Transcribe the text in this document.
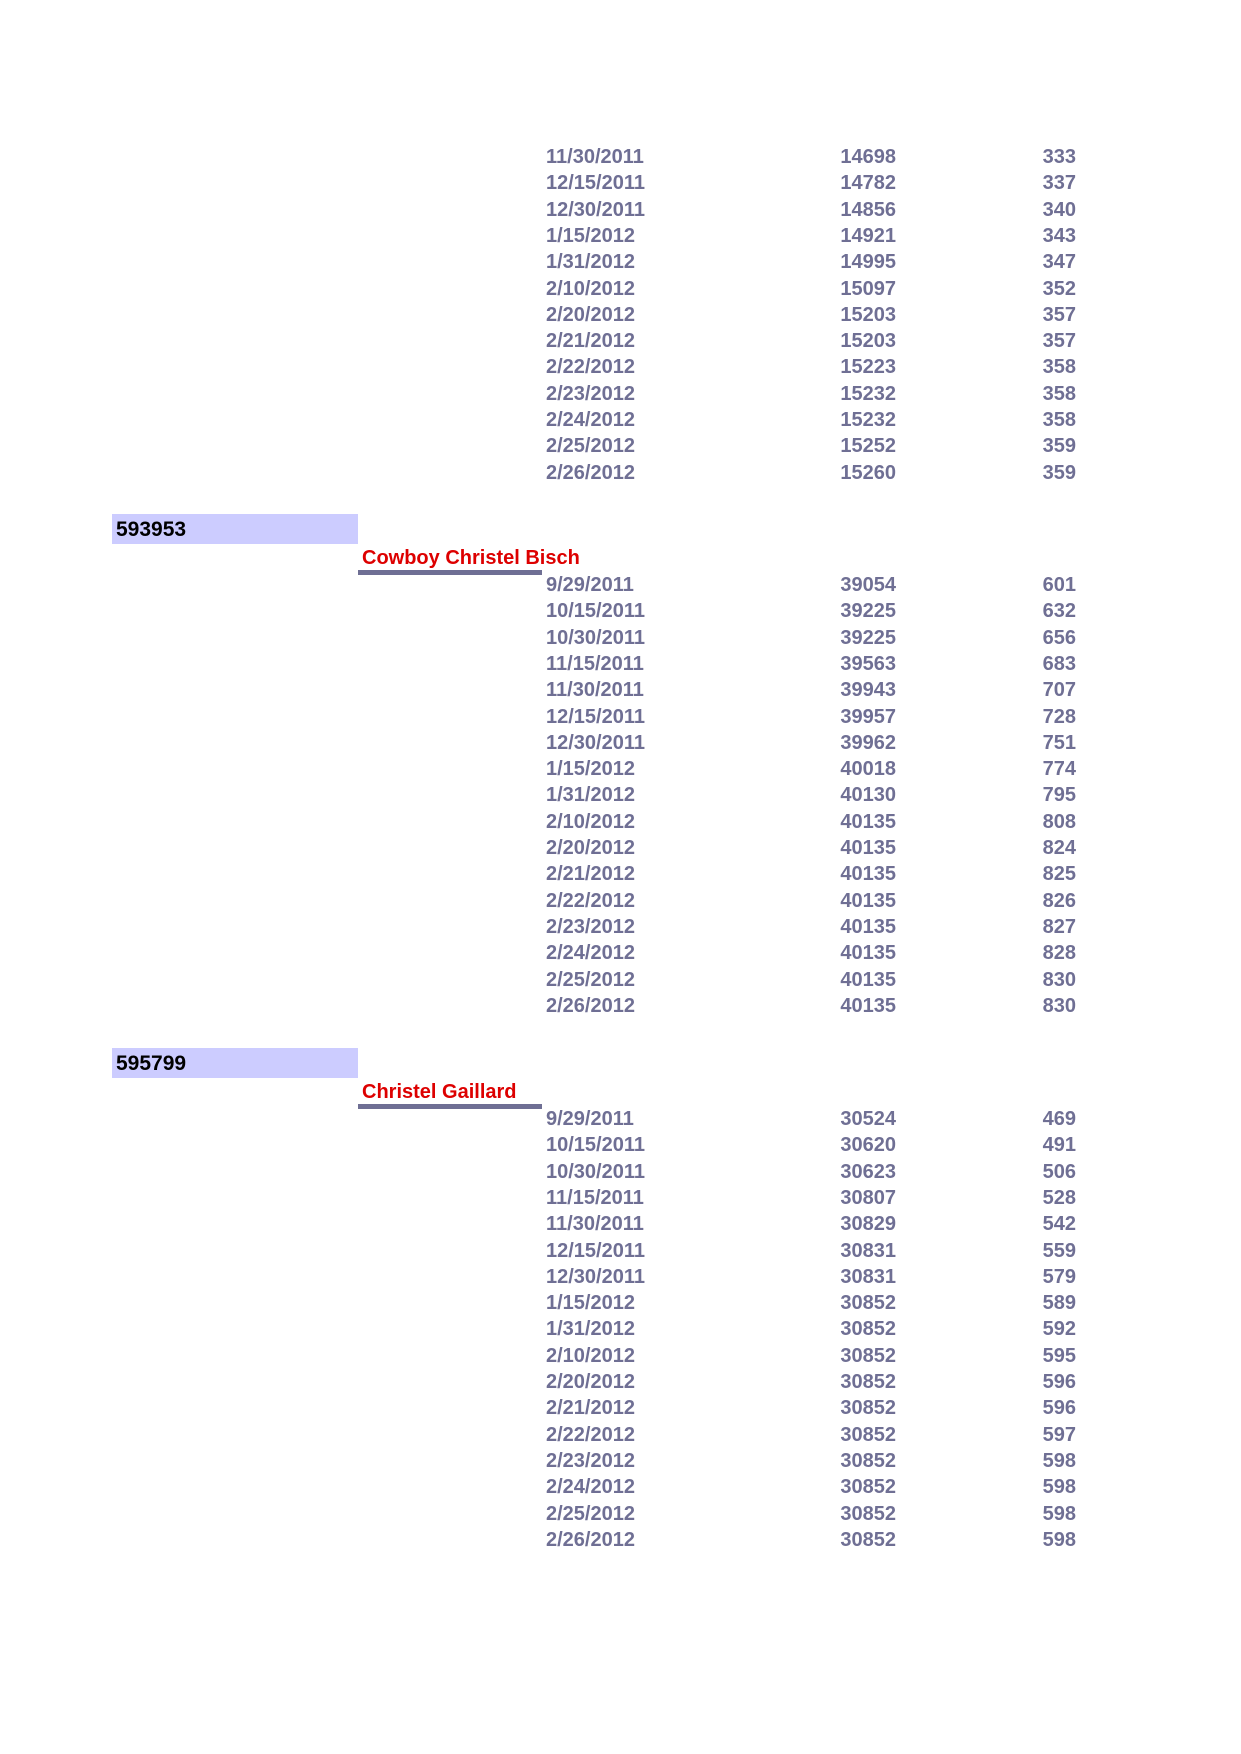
11/30/2011	14698	333
12/15/2011	14782	337
12/30/2011	14856	340
1/15/2012	14921	343
1/31/2012	14995	347
2/10/2012	15097	352
2/20/2012	15203	357
2/21/2012	15203	357
2/22/2012	15223	358
2/23/2012	15232	358
2/24/2012	15232	358
2/25/2012	15252	359
2/26/2012	15260	359
593953
Cowboy Christel Bisch
9/29/2011	39054	601
10/15/2011	39225	632
10/30/2011	39225	656
11/15/2011	39563	683
11/30/2011	39943	707
12/15/2011	39957	728
12/30/2011	39962	751
1/15/2012	40018	774
1/31/2012	40130	795
2/10/2012	40135	808
2/20/2012	40135	824
2/21/2012	40135	825
2/22/2012	40135	826
2/23/2012	40135	827
2/24/2012	40135	828
2/25/2012	40135	830
2/26/2012	40135	830
595799
Christel Gaillard
9/29/2011	30524	469
10/15/2011	30620	491
10/30/2011	30623	506
11/15/2011	30807	528
11/30/2011	30829	542
12/15/2011	30831	559
12/30/2011	30831	579
1/15/2012	30852	589
1/31/2012	30852	592
2/10/2012	30852	595
2/20/2012	30852	596
2/21/2012	30852	596
2/22/2012	30852	597
2/23/2012	30852	598
2/24/2012	30852	598
2/25/2012	30852	598
2/26/2012	30852	598
